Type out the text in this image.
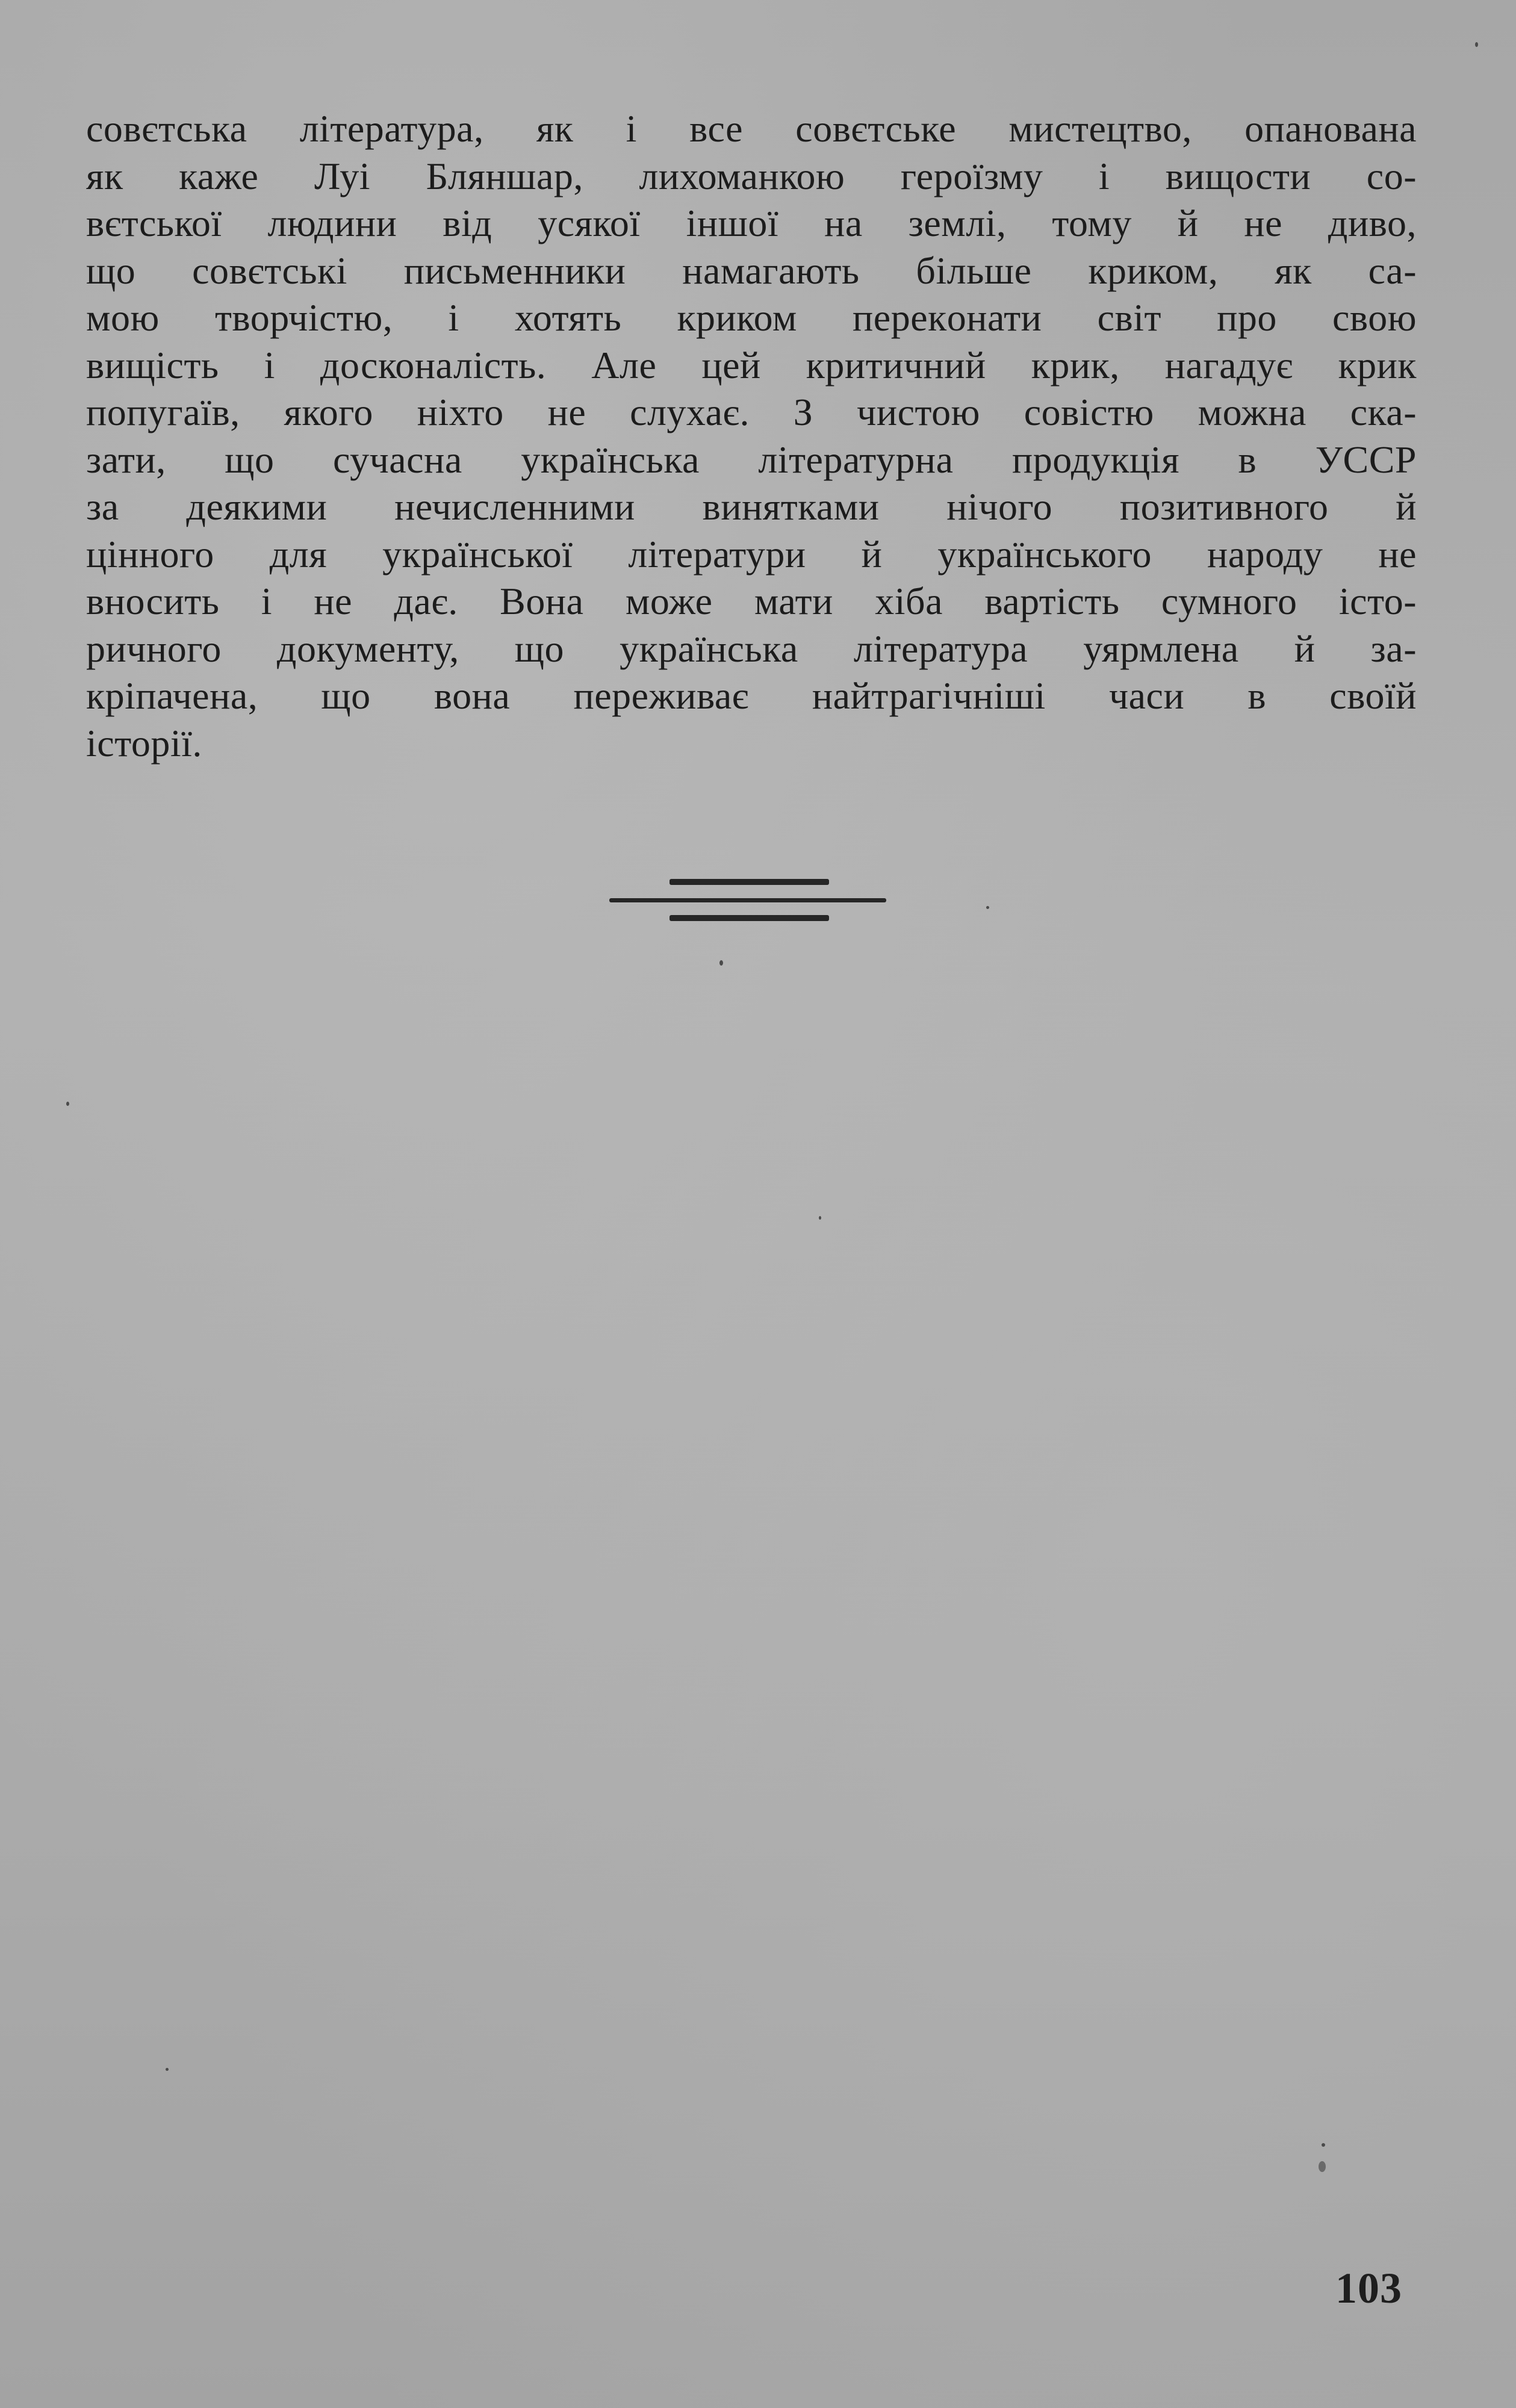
совєтська література, як і все совєтське мистецтво, опанована
як каже Луі Бляншар, лихоманкою героїзму і вищости со-
вєтської людини від усякої іншої на землі, тому й не диво,
що совєтські письменники намагають більше криком, як са-
мою творчістю, і хотять криком перекoнати світ про свою
вищість і досконалість. Але цей критичний крик, нагадує крик
попугаїв, якого ніхто не слухає. З чистою совістю можна ска-
зати, що сучасна українська літературна продукція в УССР
за деякими нечисленними винятками нічого позитивного й
цінного для української літератури й українського народу не
вносить і не дає. Вона може мати хіба вартість сумного істо-
ричного документу, що українська література уярмлена й за-
кріпачена, що вона переживає найтрагічніші часи в своїй
історії.
103
